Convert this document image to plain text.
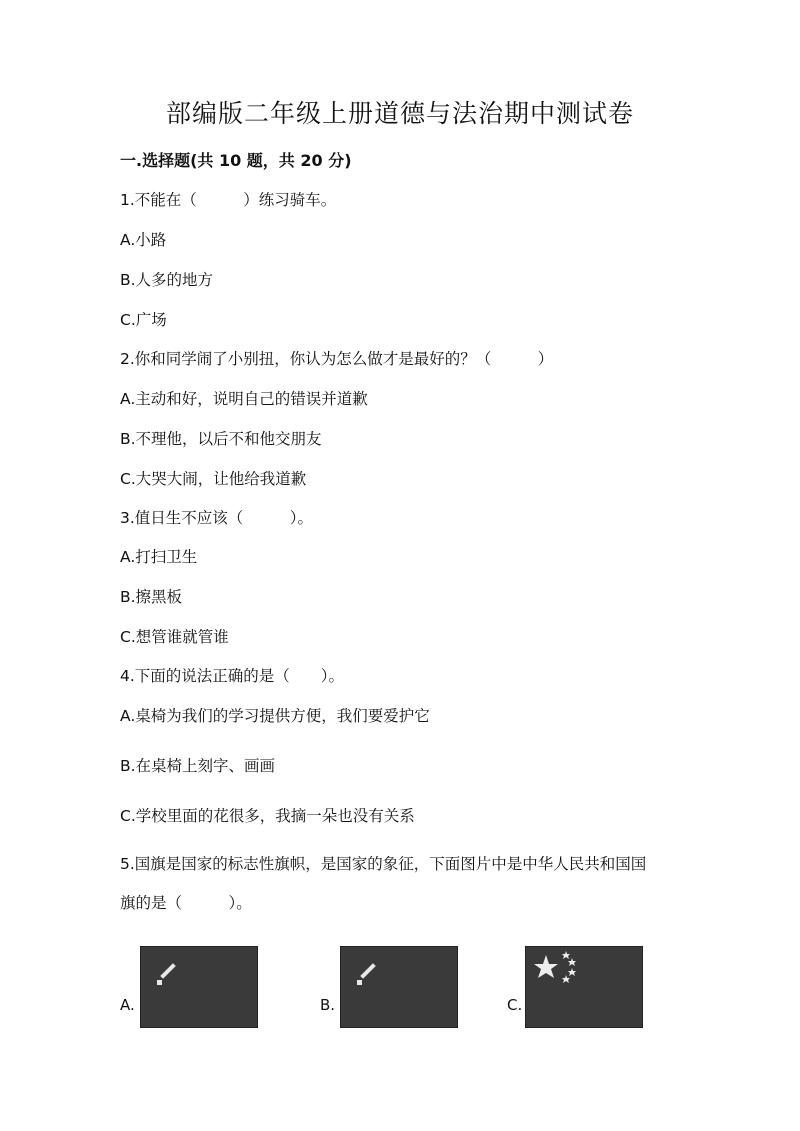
部编版二年级上册道德与法治期中测试卷
一.选择题(共 10 题，共 20 分)
1.不能在（　　　）练习骑车。
A.小路
B.人多的地方
C.广场
2.你和同学闹了小别扭，你认为怎么做才是最好的？（　　　）
A.主动和好，说明自己的错误并道歉
B.不理他，以后不和他交朋友
C.大哭大闹，让他给我道歉
3.值日生不应该（　　　）。
A.打扫卫生
B.擦黑板
C.想管谁就管谁
4.下面的说法正确的是（　　）。
A.桌椅为我们的学习提供方便，我们要爱护它
B.在桌椅上刻字、画画
C.学校里面的花很多，我摘一朵也没有关系
5.国旗是国家的标志性旗帜，是国家的象征，下面图片中是中华人民共和国国
旗的是（　　　）。
A.	B.	C.
